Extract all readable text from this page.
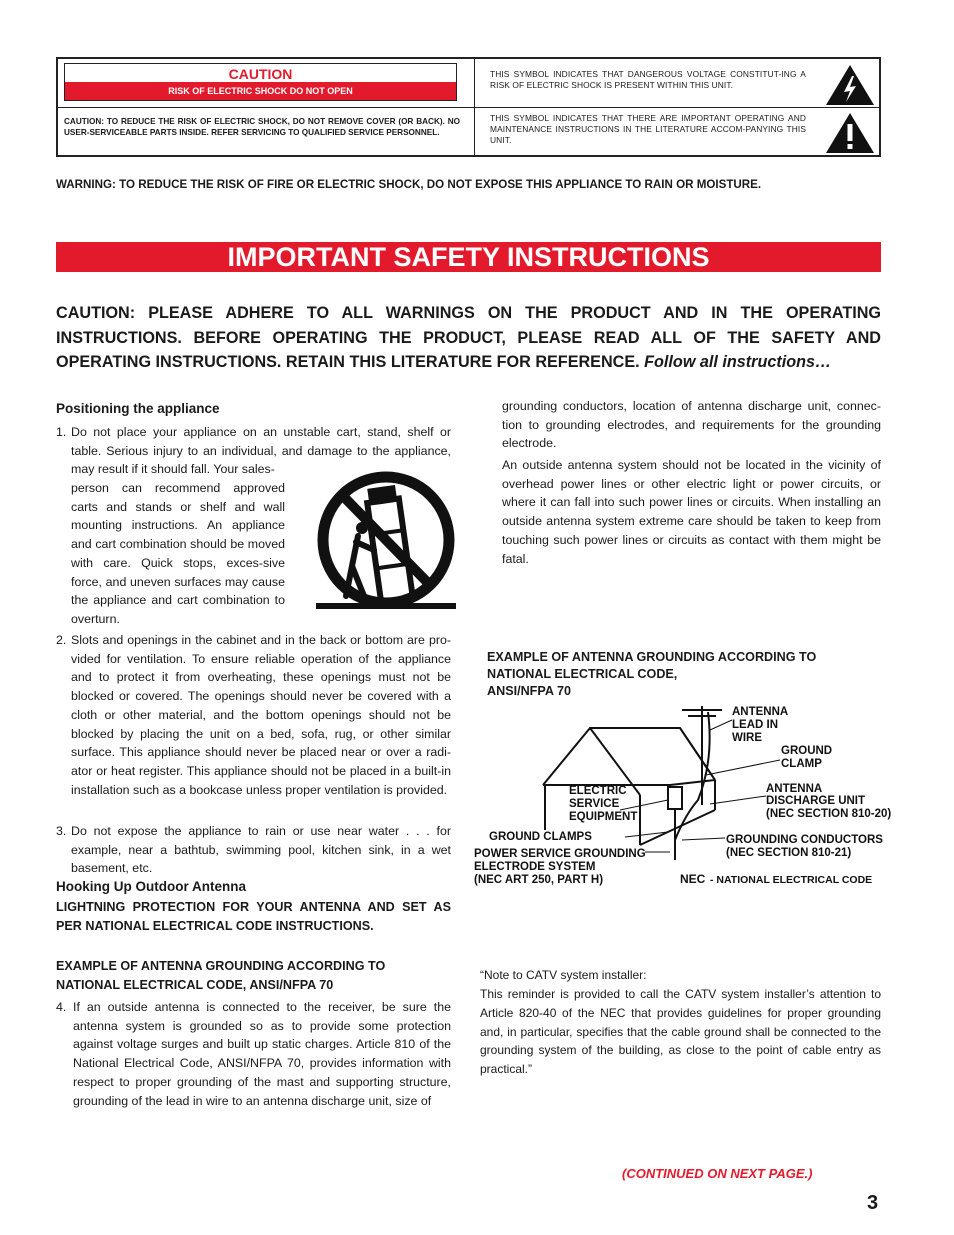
CAUTION
RISK OF ELECTRIC SHOCK DO NOT OPEN
CAUTION: TO REDUCE THE RISK OF ELECTRIC SHOCK, DO NOT REMOVE COVER (OR BACK). NO USER-SERVICEABLE PARTS INSIDE. REFER SERVICING TO QUALIFIED SERVICE PERSONNEL.
THIS SYMBOL INDICATES THAT DANGEROUS VOLTAGE CONSTITUT-ING A RISK OF ELECTRIC SHOCK IS PRESENT WITHIN THIS UNIT.
THIS SYMBOL INDICATES THAT THERE ARE IMPORTANT OPERATING AND MAINTENANCE INSTRUCTIONS IN THE LITERATURE ACCOM-PANYING THIS UNIT.
WARNING: TO REDUCE THE RISK OF FIRE OR ELECTRIC SHOCK, DO NOT EXPOSE THIS APPLIANCE TO RAIN OR MOISTURE.
IMPORTANT SAFETY INSTRUCTIONS
CAUTION: PLEASE ADHERE TO ALL WARNINGS ON THE PRODUCT AND IN THE OPERATING INSTRUCTIONS. BEFORE OPERATING THE PRODUCT, PLEASE READ ALL OF THE SAFETY AND OPERATING INSTRUCTIONS. RETAIN THIS LITERATURE FOR REFERENCE. Follow all instructions…
Positioning the appliance
1. Do not place your appliance on an unstable cart, stand, shelf or table. Serious injury to an individual, and damage to the appliance, may result if it should fall. Your sales-
person can recommend approved carts and stands or shelf and wall mounting instructions. An appliance and cart combination should be moved with care. Quick stops, exces-sive force, and uneven surfaces may cause the appliance and cart combination to overturn.
2. Slots and openings in the cabinet and in the back or bottom are pro-vided for ventilation. To ensure reliable operation of the appliance and to protect it from overheating, these openings must not be blocked or covered. The openings should never be covered with a cloth or other material, and the bottom openings should not be blocked by placing the unit on a bed, sofa, rug, or other similar surface. This appliance should never be placed near or over a radi-ator or heat register. This appliance should not be placed in a built-in installation such as a bookcase unless proper ventilation is provided.
3. Do not expose the appliance to rain or use near water . . . for example, near a bathtub, swimming pool, kitchen sink, in a wet basement, etc.
Hooking Up Outdoor Antenna
LIGHTNING PROTECTION FOR YOUR ANTENNA AND SET AS PER NATIONAL ELECTRICAL CODE INSTRUCTIONS.
EXAMPLE OF ANTENNA GROUNDING ACCORDING TO NATIONAL ELECTRICAL CODE, ANSI/NFPA 70
4. If an outside antenna is connected to the receiver, be sure the antenna system is grounded so as to provide some protection against voltage surges and built up static charges. Article 810 of the National Electrical Code, ANSI/NFPA 70, provides information with respect to proper grounding of the mast and supporting structure, grounding of the lead in wire to an antenna discharge unit, size of
grounding conductors, location of antenna discharge unit, connec-tion to grounding electrodes, and requirements for the grounding electrode.
An outside antenna system should not be located in the vicinity of overhead power lines or other electric light or power circuits, or where it can fall into such power lines or circuits. When installing an outside antenna system extreme care should be taken to keep from touching such power lines or circuits as contact with them might be fatal.
EXAMPLE OF ANTENNA GROUNDING ACCORDING TO
NATIONAL ELECTRICAL CODE,
ANSI/NFPA 70
ANTENNA
LEAD IN
WIRE
GROUND
CLAMP
ELECTRIC
SERVICE
EQUIPMENT
ANTENNA
DISCHARGE UNIT
(NEC SECTION 810-20)
GROUND CLAMPS
POWER SERVICE GROUNDING
ELECTRODE SYSTEM
(NEC ART 250, PART H)
GROUNDING CONDUCTORS
(NEC SECTION 810-21)
NEC - NATIONAL ELECTRICAL CODE
“Note to CATV system installer:
This reminder is provided to call the CATV system installer’s attention to Article 820-40 of the NEC that provides guidelines for proper grounding and, in particular, specifies that the cable ground shall be connected to the grounding system of the building, as close to the point of cable entry as practical.”
(CONTINUED ON NEXT PAGE.)
3
